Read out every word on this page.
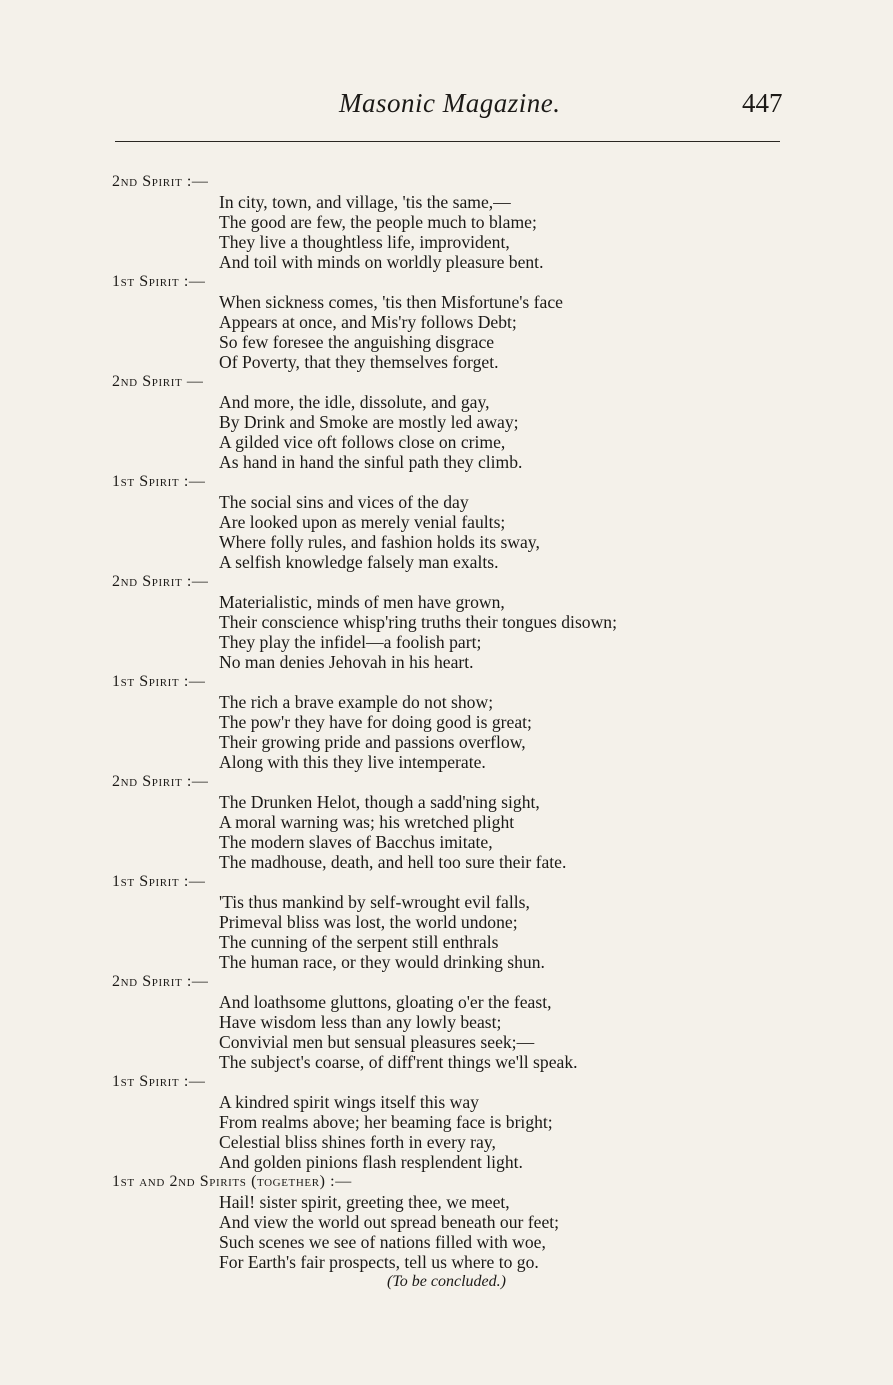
Masonic Magazine.	447
2nd Spirit :—
In city, town, and village, 'tis the same,—
The good are few, the people much to blame;
They live a thoughtless life, improvident,
And toil with minds on worldly pleasure bent.
1st Spirit :—
When sickness comes, 'tis then Misfortune's face
Appears at once, and Mis'ry follows Debt;
So few foresee the anguishing disgrace
Of Poverty, that they themselves forget.
2nd Spirit —
And more, the idle, dissolute, and gay,
By Drink and Smoke are mostly led away;
A gilded vice oft follows close on crime,
As hand in hand the sinful path they climb.
1st Spirit :—
The social sins and vices of the day
Are looked upon as merely venial faults;
Where folly rules, and fashion holds its sway,
A selfish knowledge falsely man exalts.
2nd Spirit :—
Materialistic, minds of men have grown,
Their conscience whisp'ring truths their tongues disown;
They play the infidel—a foolish part;
No man denies Jehovah in his heart.
1st Spirit :—
The rich a brave example do not show;
The pow'r they have for doing good is great;
Their growing pride and passions overflow,
Along with this they live intemperate.
2nd Spirit :—
The Drunken Helot, though a sadd'ning sight,
A moral warning was; his wretched plight
The modern slaves of Bacchus imitate,
The madhouse, death, and hell too sure their fate.
1st Spirit :—
'Tis thus mankind by self-wrought evil falls,
Primeval bliss was lost, the world undone;
The cunning of the serpent still enthrals
The human race, or they would drinking shun.
2nd Spirit :—
And loathsome gluttons, gloating o'er the feast,
Have wisdom less than any lowly beast;
Convivial men but sensual pleasures seek;—
The subject's coarse, of diff'rent things we'll speak.
1st Spirit :—
A kindred spirit wings itself this way
From realms above; her beaming face is bright;
Celestial bliss shines forth in every ray,
And golden pinions flash resplendent light.
1st and 2nd Spirits (together) :—
Hail! sister spirit, greeting thee, we meet,
And view the world out spread beneath our feet;
Such scenes we see of nations filled with woe,
For Earth's fair prospects, tell us where to go.
(To be concluded.)
